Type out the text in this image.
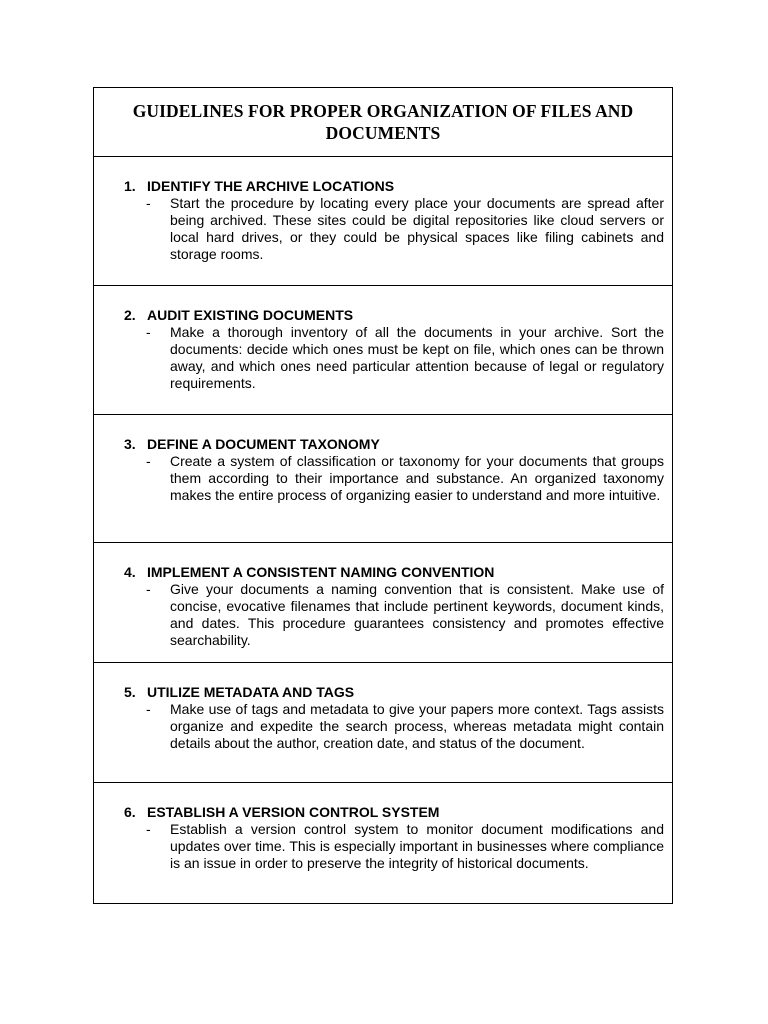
GUIDELINES FOR PROPER ORGANIZATION OF FILES AND DOCUMENTS
1. IDENTIFY THE ARCHIVE LOCATIONS
-	Start the procedure by locating every place your documents are spread after being archived. These sites could be digital repositories like cloud servers or local hard drives, or they could be physical spaces like filing cabinets and storage rooms.
2. AUDIT EXISTING DOCUMENTS
-	Make a thorough inventory of all the documents in your archive. Sort the documents: decide which ones must be kept on file, which ones can be thrown away, and which ones need particular attention because of legal or regulatory requirements.
3. DEFINE A DOCUMENT TAXONOMY
-	Create a system of classification or taxonomy for your documents that groups them according to their importance and substance. An organized taxonomy makes the entire process of organizing easier to understand and more intuitive.
4. IMPLEMENT A CONSISTENT NAMING CONVENTION
-	Give your documents a naming convention that is consistent. Make use of concise, evocative filenames that include pertinent keywords, document kinds, and dates. This procedure guarantees consistency and promotes effective searchability.
5. UTILIZE METADATA AND TAGS
-	Make use of tags and metadata to give your papers more context. Tags assists organize and expedite the search process, whereas metadata might contain details about the author, creation date, and status of the document.
6. ESTABLISH A VERSION CONTROL SYSTEM
-	Establish a version control system to monitor document modifications and updates over time. This is especially important in businesses where compliance is an issue in order to preserve the integrity of historical documents.
